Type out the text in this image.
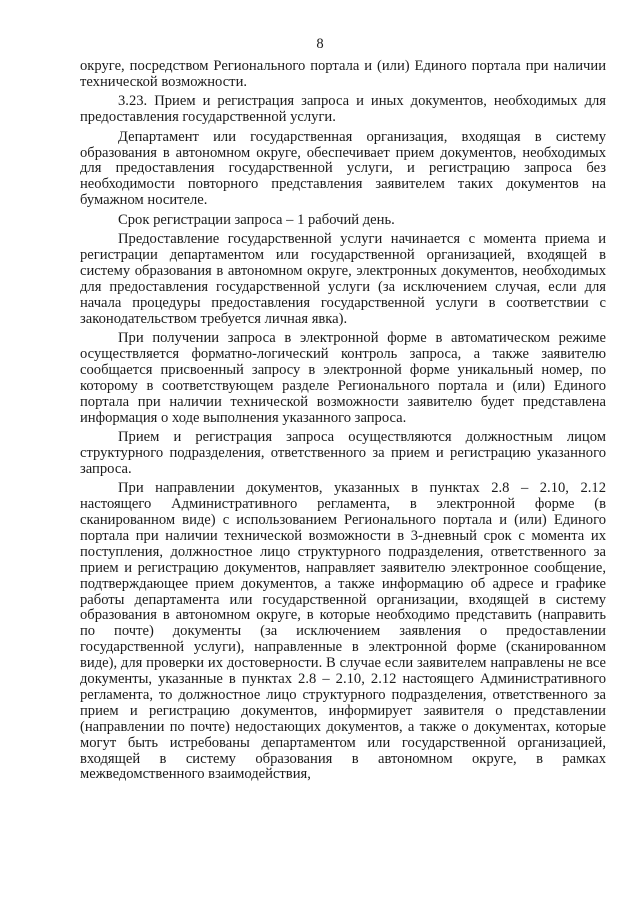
8

округе, посредством Регионального портала и (или) Единого портала при наличии технической возможности.

3.23. Прием и регистрация запроса и иных документов, необходимых для предоставления государственной услуги.

Департамент или государственная организация, входящая в систему образования в автономном округе, обеспечивает прием документов, необходимых для предоставления государственной услуги, и регистрацию запроса без необходимости повторного представления заявителем таких документов на бумажном носителе.

Срок регистрации запроса – 1 рабочий день.

Предоставление государственной услуги начинается с момента приема и регистрации департаментом или государственной организацией, входящей в систему образования в автономном округе, электронных документов, необходимых для предоставления государственной услуги (за исключением случая, если для начала процедуры предоставления государственной услуги в соответствии с законодательством требуется личная явка).

При получении запроса в электронной форме в автоматическом режиме осуществляется форматно-логический контроль запроса, а также заявителю сообщается присвоенный запросу в электронной форме уникальный номер, по которому в соответствующем разделе Регионального портала и (или) Единого портала при наличии технической возможности заявителю будет представлена информация о ходе выполнения указанного запроса.

Прием и регистрация запроса осуществляются должностным лицом структурного подразделения, ответственного за прием и регистрацию указанного запроса.

При направлении документов, указанных в пунктах 2.8 – 2.10, 2.12 настоящего Административного регламента, в электронной форме (в сканированном виде) с использованием Регионального портала и (или) Единого портала при наличии технической возможности в 3-дневный срок с момента их поступления, должностное лицо структурного подразделения, ответственного за прием и регистрацию документов, направляет заявителю электронное сообщение, подтверждающее прием документов, а также информацию об адресе и графике работы департамента или государственной организации, входящей в систему образования в автономном округе, в которые необходимо представить (направить по почте) документы (за исключением заявления о предоставлении государственной услуги), направленные в электронной форме (сканированном виде), для проверки их достоверности. В случае если заявителем направлены не все документы, указанные в пунктах 2.8 – 2.10, 2.12 настоящего Административного регламента, то должностное лицо структурного подразделения, ответственного за прием и регистрацию документов, информирует заявителя о представлении (направлении по почте) недостающих документов, а также о документах, которые могут быть истребованы департаментом или государственной организацией, входящей в систему образования в автономном округе, в рамках межведомственного взаимодействия,
